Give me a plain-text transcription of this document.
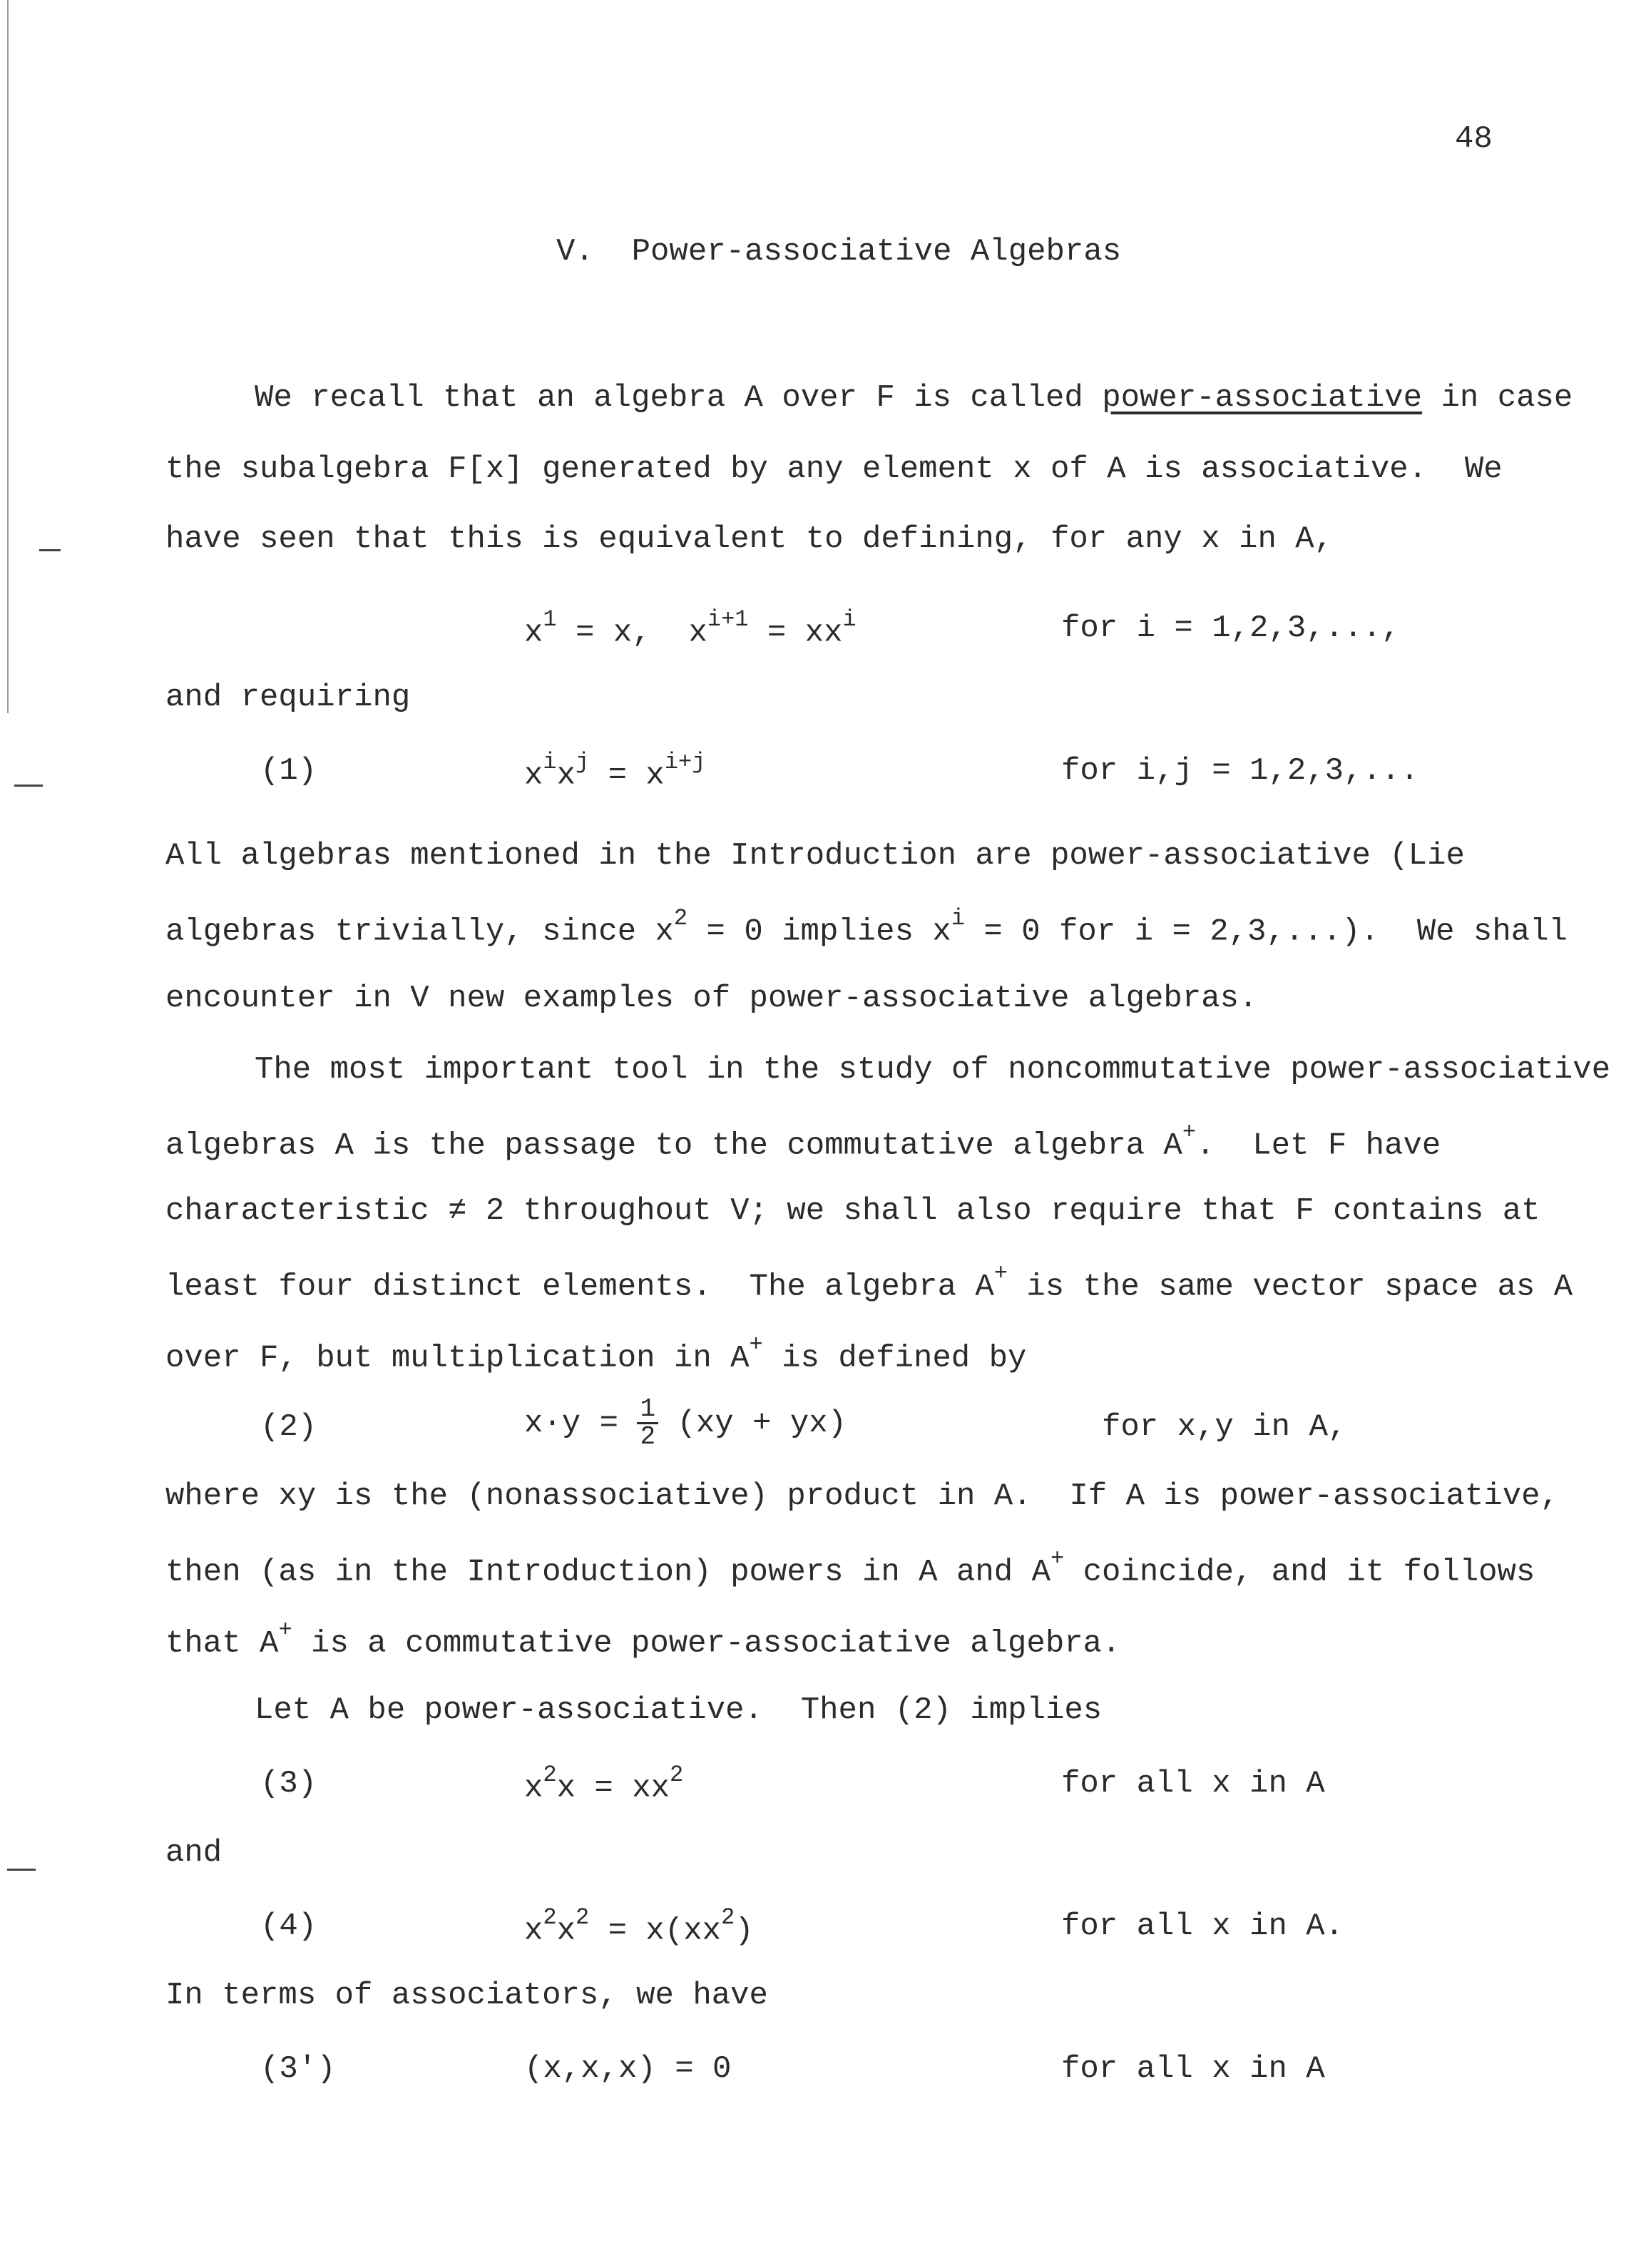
48
V.  Power-associative Algebras
We recall that an algebra A over F is called power-associative in case
the subalgebra F[x] generated by any element x of A is associative.  We
have seen that this is equivalent to defining, for any x in A,
$x^1 = x$,  $x^{i+1} = xx^i$	for i = 1,2,3,...,
and requiring
(1)	$x^ix^j = x^{i+j}$	for i,j = 1,2,3,...
All algebras mentioned in the Introduction are power-associative (Lie
algebras trivially, since $x^2 = 0$ implies $x^i = 0$ for i = 2,3,...).  We shall
encounter in V new examples of power-associative algebras.
The most important tool in the study of noncommutative power-associative
algebras A is the passage to the commutative algebra A+.  Let F have
characteristic ≠ 2 throughout V; we shall also require that F contains at
least four distinct elements.  The algebra A+ is the same vector space as A
over F, but multiplication in A+ is defined by
(2)	$x\cdot y = \frac{1}{2} (xy + yx)$	for x,y in A,
where xy is the (nonassociative) product in A.  If A is power-associative,
then (as in the Introduction) powers in A and A+ coincide, and it follows
that A+ is a commutative power-associative algebra.
Let A be power-associative.  Then (2) implies
(3)	$x^2x = xx^2$	for all x in A
and
(4)	$x^2x^2 = x(xx^2)$	for all x in A.
In terms of associators, we have
(3')	(x,x,x) = 0	for all x in A
